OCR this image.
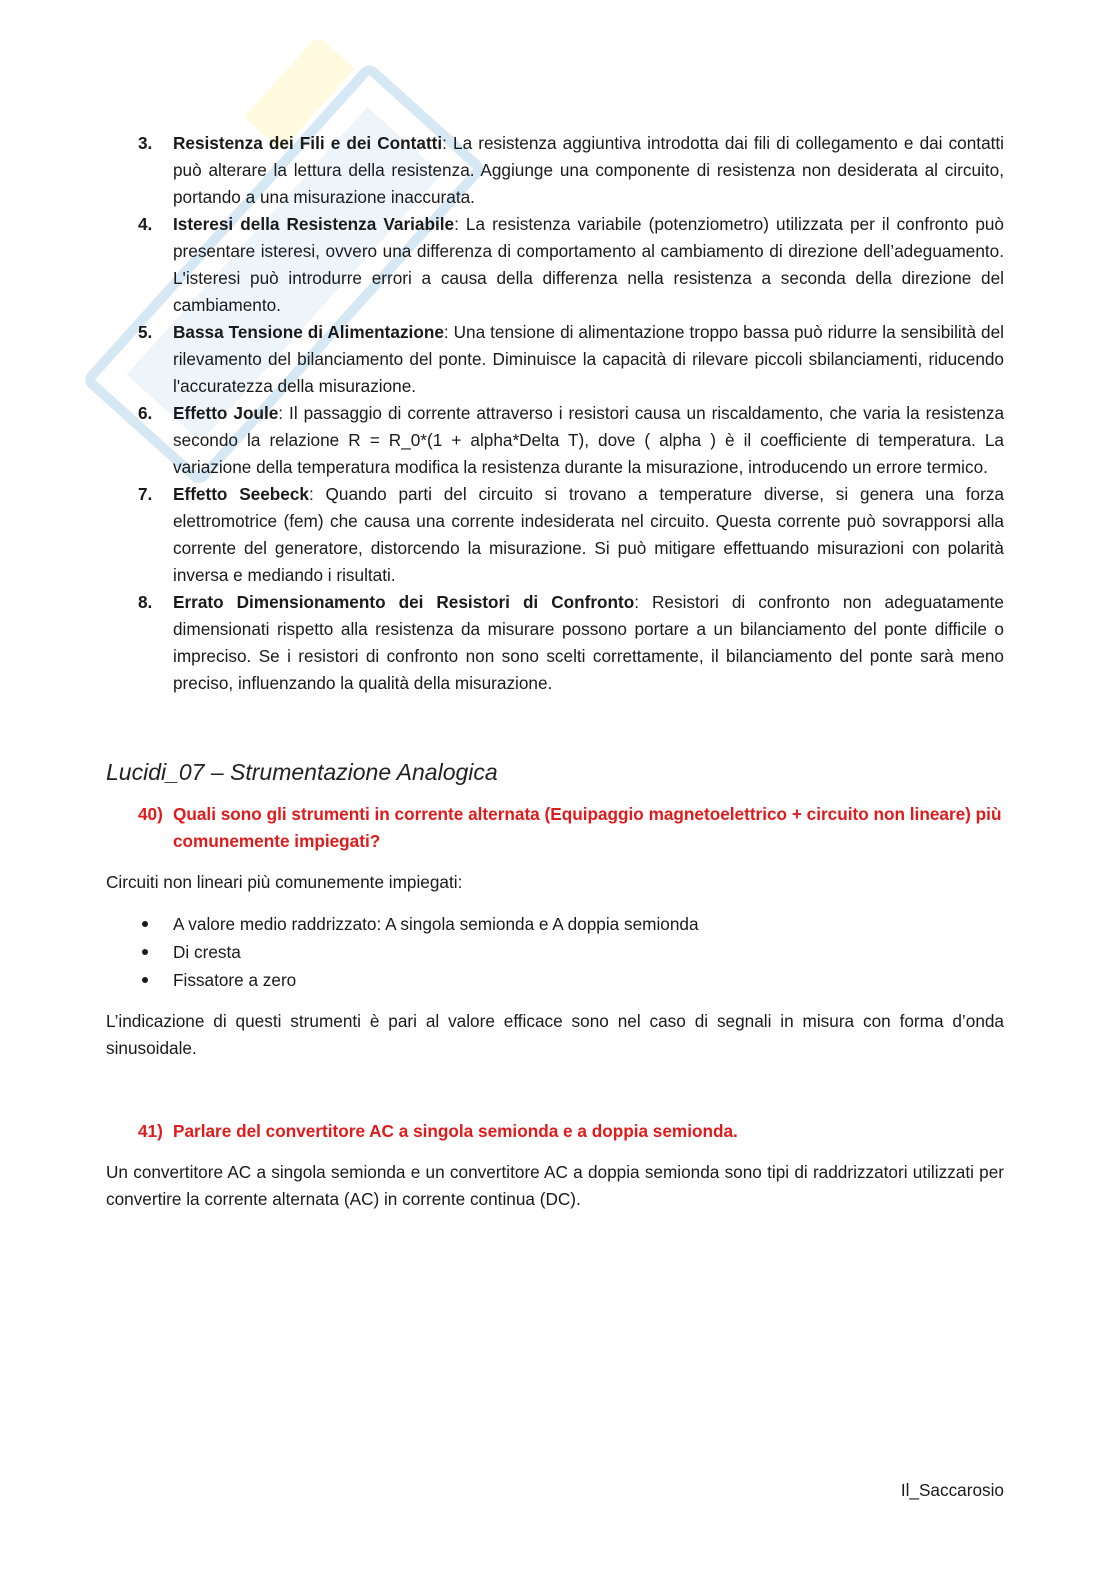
3. Resistenza dei Fili e dei Contatti: La resistenza aggiuntiva introdotta dai fili di collegamento e dai contatti può alterare la lettura della resistenza. Aggiunge una componente di resistenza non desiderata al circuito, portando a una misurazione inaccurata.
4. Isteresi della Resistenza Variabile: La resistenza variabile (potenziometro) utilizzata per il confronto può presentare isteresi, ovvero una differenza di comportamento al cambiamento di direzione dell’adeguamento. L'isteresi può introdurre errori a causa della differenza nella resistenza a seconda della direzione del cambiamento.
5. Bassa Tensione di Alimentazione: Una tensione di alimentazione troppo bassa può ridurre la sensibilità del rilevamento del bilanciamento del ponte. Diminuisce la capacità di rilevare piccoli sbilanciamenti, riducendo l'accuratezza della misurazione.
6. Effetto Joule: Il passaggio di corrente attraverso i resistori causa un riscaldamento, che varia la resistenza secondo la relazione R = R_0*(1 + alpha*Delta T), dove ( alpha ) è il coefficiente di temperatura. La variazione della temperatura modifica la resistenza durante la misurazione, introducendo un errore termico.
7. Effetto Seebeck: Quando parti del circuito si trovano a temperature diverse, si genera una forza elettromotrice (fem) che causa una corrente indesiderata nel circuito. Questa corrente può sovrapporsi alla corrente del generatore, distorcendo la misurazione. Si può mitigare effettuando misurazioni con polarità inversa e mediando i risultati.
8. Errato Dimensionamento dei Resistori di Confronto: Resistori di confronto non adeguatamente dimensionati rispetto alla resistenza da misurare possono portare a un bilanciamento del ponte difficile o impreciso. Se i resistori di confronto non sono scelti correttamente, il bilanciamento del ponte sarà meno preciso, influenzando la qualità della misurazione.
Lucidi_07 – Strumentazione Analogica
40) Quali sono gli strumenti in corrente alternata (Equipaggio magnetoelettrico + circuito non lineare) più comunemente impiegati?
Circuiti non lineari più comunemente impiegati:
A valore medio raddrizzato: A singola semionda e A doppia semionda
Di cresta
Fissatore a zero
L’indicazione di questi strumenti è pari al valore efficace sono nel caso di segnali in misura con forma d’onda sinusoidale.
41) Parlare del convertitore AC a singola semionda e a doppia semionda.
Un convertitore AC a singola semionda e un convertitore AC a doppia semionda sono tipi di raddrizzatori utilizzati per convertire la corrente alternata (AC) in corrente continua (DC).
Il_Saccarosio
